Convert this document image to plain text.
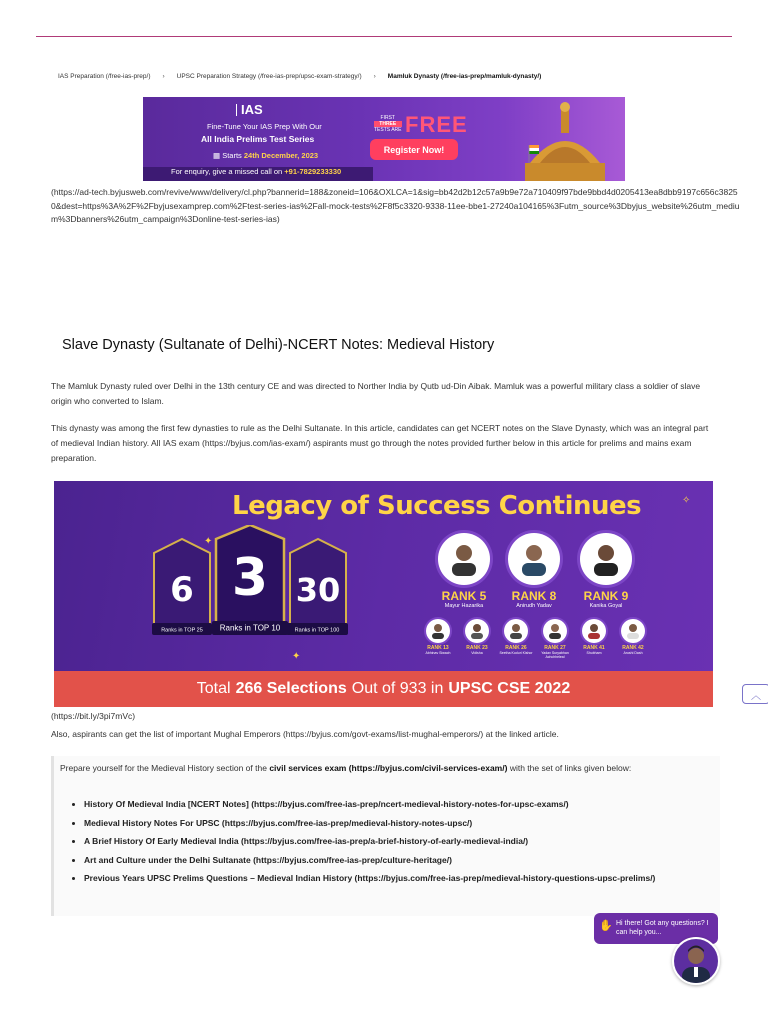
IAS Preparation (/free-ias-prep/) › UPSC Preparation Strategy (/free-ias-prep/upsc-exam-strategy/) › Mamluk Dynasty (/free-ias-prep/mamluk-dynasty/)
IAS
Fine-Tune Your IAS Prep With Our
All India Prelims Test Series
▦ Starts 24th December, 2023
For enquiry, give a missed call on +91-7829233330
FIRST
THREE
TESTS ARE FREE
Register Now!
(https://ad-tech.byjusweb.com/revive/www/delivery/cl.php?bannerid=188&zoneid=106&OXLCA=1&sig=bb42d2b12c57a9b9e72a710409f97bde9bbd4d0205413ea8dbb9197c656c38250&dest=https%3A%2F%2Fbyjusexamprep.com%2Ftest-series-ias%2Fall-mock-tests%2F8f5c3320-9338-11ee-bbe1-27240a104165%3Futm_source%3Dbyjus_website%26utm_medium%3Dbanners%26utm_campaign%3Donline-test-series-ias)
Slave Dynasty (Sultanate of Delhi)-NCERT Notes: Medieval History

The Mamluk Dynasty ruled over Delhi in the 13th century CE and was directed to Norther India by Qutb ud-Din Aibak. Mamluk was a powerful military class a soldier of slave origin who converted to Islam.

This dynasty was among the first few dynasties to rule as the Delhi Sultanate. In this article, candidates can get NCERT notes on the Slave Dynasty, which was an integral part of medieval Indian history. All IAS exam (https://byjus.com/ias-exam/) aspirants must go through the notes provided further below in this article for prelims and mains exam preparation.

Legacy of Success Continues
6 3 30
Ranks in TOP 25 Ranks in TOP 10	Ranks in TOP 100
✦
✦
✧
RANK 5
Mayur Hazarika
RANK 8
Anirudh Yadav
RANK 9
Kanika Goyal
RANK 13
Abhinav Siwach
RANK 23
Vidisha
RANK 26
Seetha Koduri Kishor
RANK 27
Yadav Suryabhan Achchheleal
RANK 41
Shubham
RANK 42
Arushi Dash
Total 266 Selections Out of 933 in UPSC CSE 2022	︿
(https://bit.ly/3pi7mVc)

Also, aspirants can get the list of important Mughal Emperors (https://byjus.com/govt-exams/list-mughal-emperors/) at the linked article.

Prepare yourself for the Medieval History section of the civil services exam (https://byjus.com/civil-services-exam/) with the set of links given below:
• History Of Medieval India [NCERT Notes] (https://byjus.com/free-ias-prep/ncert-medieval-history-notes-for-upsc-exams/)
• Medieval History Notes For UPSC (https://byjus.com/free-ias-prep/medieval-history-notes-upsc/)
• A Brief History Of Early Medieval India (https://byjus.com/free-ias-prep/a-brief-history-of-early-medieval-india/)
• Art and Culture under the Delhi Sultanate (https://byjus.com/free-ias-prep/culture-heritage/)
• Previous Years UPSC Prelims Questions – Medieval Indian History (https://byjus.com/free-ias-prep/medieval-history-questions-upsc-prelims/)
✋ Hi there! Got any questions? I can help you...
